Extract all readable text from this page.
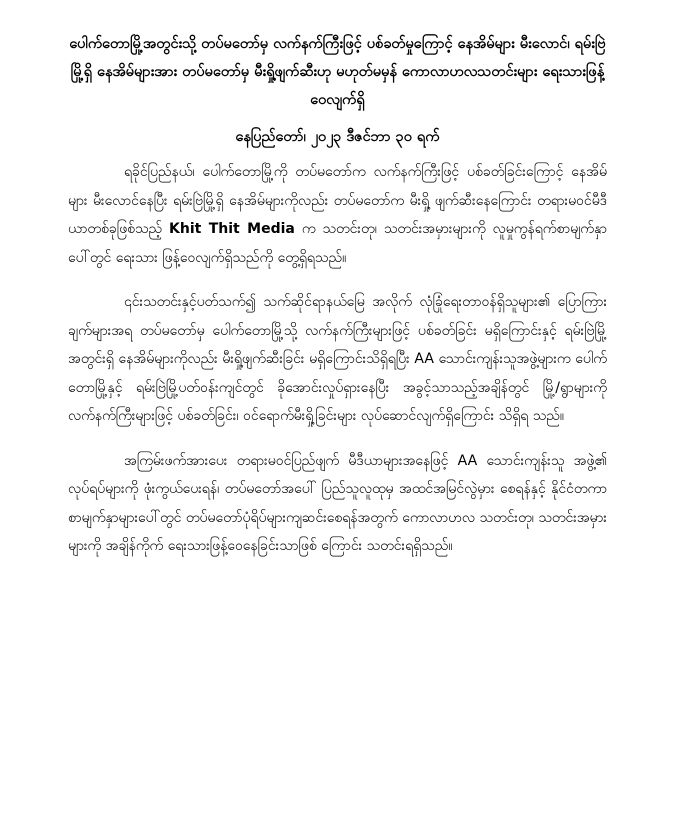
ပေါက်တောမြို့အတွင်းသို့ တပ်မတော်မှ လက်နက်ကြီးဖြင့် ပစ်ခတ်မှုကြောင့် နေအိမ်များ မီးလောင်၊ ရမ်းဗြဲမြို့ရှိ နေအိမ်များအား တပ်မတော်မှ မီးရှို့ဖျက်ဆီးဟု မဟုတ်မမှန် ကောလာဟလသတင်းများ ရေးသားဖြန့်ဝေလျက်ရှိ
နေပြည်တော်၊ ၂၀၂၃ ဒီဇင်ဘာ ၃၀ ရက်

ရခိုင်ပြည်နယ်၊ ပေါက်တောမြို့ကို တပ်မတော်က လက်နက်ကြီးဖြင့် ပစ်ခတ်ခြင်းကြောင့် နေအိမ်များ မီးလောင်နေပြီး ရမ်းဗြဲမြို့ရှိ နေအိမ်များကိုလည်း တပ်မတော်က မီးရှို့ ဖျက်ဆီးနေကြောင်း တရားမဝင်မီဒီယာတစ်ခုဖြစ်သည့် Khit Thit Media က သတင်းတု၊ သတင်းအမှားများကို လူမှုကွန်ရက်စာမျက်နှာပေါ်တွင် ရေးသား ဖြန့်ဝေလျက်ရှိသည်ကို တွေ့ရှိရသည်။

၎င်းသတင်းနှင့်ပတ်သက်၍ သက်ဆိုင်ရာနယ်မြေ အလိုက် လုံခြုံရေးတာဝန်ရှိသူများ၏ ပြောကြားချက်များအရ တပ်မတော်မှ ပေါက်တောမြို့သို့ လက်နက်ကြီးများဖြင့် ပစ်ခတ်ခြင်း မရှိကြောင်းနှင့် ရမ်းဗြဲမြို့အတွင်းရှိ နေအိမ်များကိုလည်း မီးရှို့ဖျက်ဆီးခြင်း မရှိကြောင်းသိရှိရပြီး AA သောင်းကျန်းသူအဖွဲ့များက ပေါက်တောမြို့နှင့် ရမ်းဗြဲမြို့ပတ်ဝန်းကျင်တွင် ခိုအောင်းလှုပ်ရှားနေပြီး အခွင့်သာသည့်အချိန်တွင် မြို့/ရွာများကို လက်နက်ကြီးများဖြင့် ပစ်ခတ်ခြင်း၊ ဝင်ရောက်မီးရှို့ခြင်းများ လုပ်ဆောင်လျက်ရှိကြောင်း သိရှိရ သည်။

အကြမ်းဖက်အားပေး တရားမဝင်ပြည်ဖျက် မီဒီယာများအနေဖြင့် AA သောင်းကျန်းသူ အဖွဲ့၏ လုပ်ရပ်များကို ဖုံးကွယ်ပေးရန်၊ တပ်မတော်အပေါ် ပြည်သူလူထုမှ အထင်အမြင်လွဲမှား စေရန်နှင့် နိုင်ငံတကာစာမျက်နှာများပေါ်တွင် တပ်မတော်ပုံရိပ်များကျဆင်းစေရန်အတွက် ကောလာဟလ သတင်းတု၊ သတင်းအမှားများကို အချိန်ကိုက် ရေးသားဖြန့်ဝေနေခြင်းသာဖြစ် ကြောင်း သတင်းရရှိသည်။
